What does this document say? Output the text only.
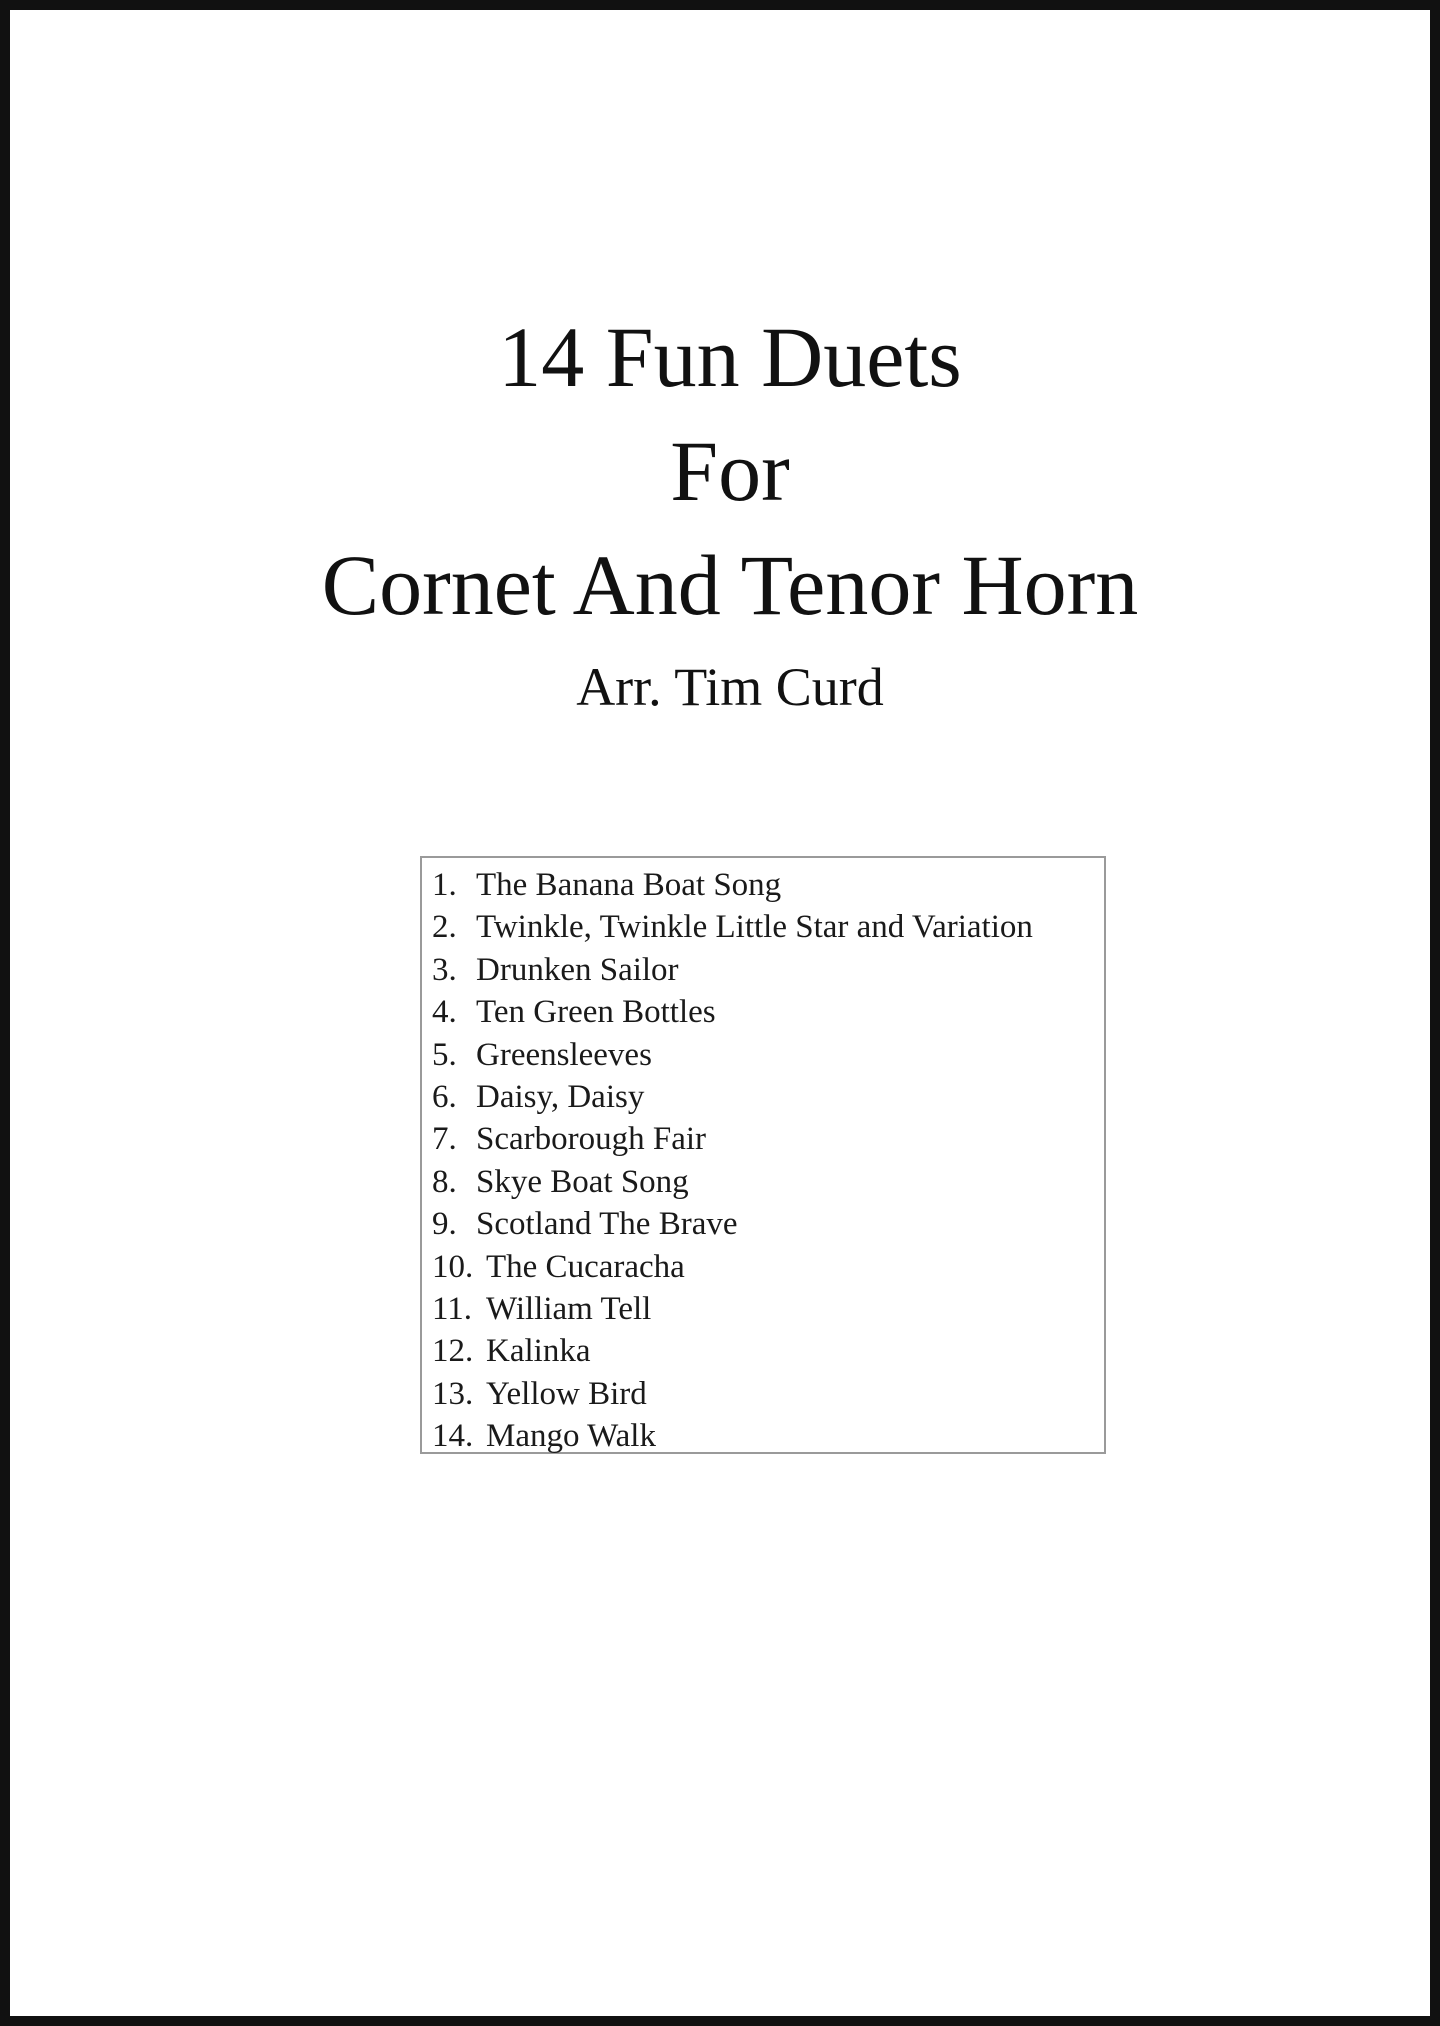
14 Fun Duets
For
Cornet And Tenor Horn
Arr. Tim Curd
1. The Banana Boat Song
2. Twinkle, Twinkle Little Star and Variation
3. Drunken Sailor
4. Ten Green Bottles
5. Greensleeves
6. Daisy, Daisy
7. Scarborough Fair
8. Skye Boat Song
9. Scotland The Brave
10. The Cucaracha
11. William Tell
12. Kalinka
13. Yellow Bird
14. Mango Walk
